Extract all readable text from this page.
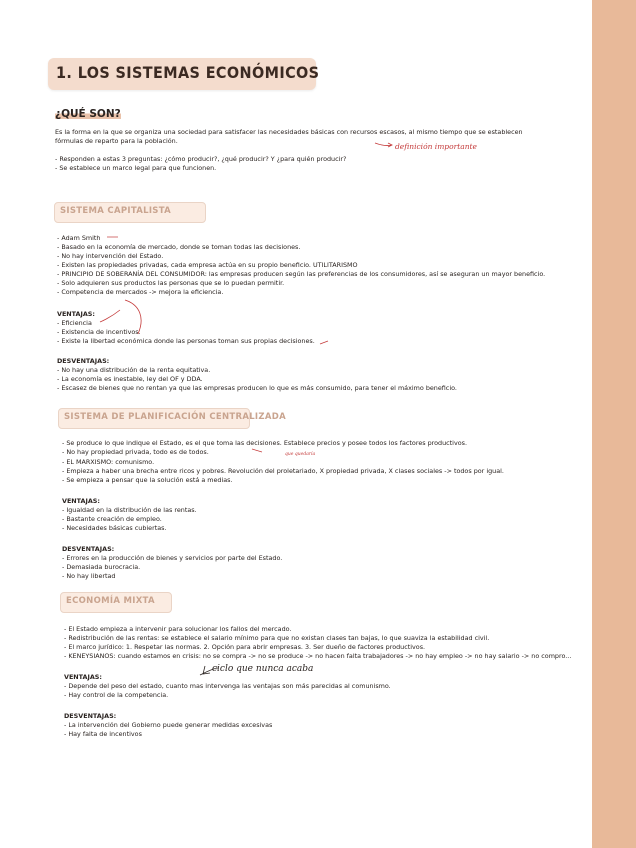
1. LOS SISTEMAS ECONÓMICOS
¿QUÉ SON?
Es la forma en la que se organiza una sociedad para satisfacer las necesidades básicas con recursos escasos, al mismo tiempo que se establecen
fórmulas de reparto para la población.
- Responden a estas 3 preguntas: ¿cómo producir?, ¿qué producir? Y ¿para quién producir?
- Se establece un marco legal para que funcionen.
definición importante
SISTEMA CAPITALISTA
- Adam Smith
- Basado en la economía de mercado, donde se toman todas las decisiones.
- No hay intervención del Estado.
- Existen las propiedades privadas, cada empresa actúa en su propio beneficio. UTILITARISMO
- PRINCIPIO DE SOBERANÍA DEL CONSUMIDOR: las empresas producen según las preferencias de los consumidores, así se aseguran un mayor beneficio.
- Solo adquieren sus productos las personas que se lo puedan permitir.
- Competencia de mercados -> mejora la eficiencia.
VENTAJAS:
- Eficiencia
- Existencia de incentivos.
- Existe la libertad económica donde las personas toman sus propias decisiones.
DESVENTAJAS:
- No hay una distribución de la renta equitativa.
- La economía es inestable, ley del OF y DDA.
- Escasez de bienes que no rentan ya que las empresas producen lo que es más consumido, para tener el máximo beneficio.
SISTEMA DE PLANIFICACIÓN CENTRALIZADA
- Se produce lo que indique el Estado, es el que toma las decisiones. Establece precios y posee todos los factores productivos.
- No hay propiedad privada, todo es de todos.
- EL MARXISMO: comunismo.
- Empieza a haber una brecha entre ricos y pobres. Revolución del proletariado, X propiedad privada, X clases sociales -> todos por igual.
- Se empieza a pensar que la solución está a medias.
que quedaría
VENTAJAS:
- Igualdad en la distribución de las rentas.
- Bastante creación de empleo.
- Necesidades básicas cubiertas.
DESVENTAJAS:
- Errores en la producción de bienes y servicios por parte del Estado.
- Demasiada burocracia.
- No hay libertad
ECONOMÍA MIXTA
- El Estado empieza a intervenir para solucionar los fallos del mercado.
- Redistribución de las rentas: se establece el salario mínimo para que no existan clases tan bajas, lo que suaviza la estabilidad civil.
- El marco jurídico: 1. Respetar las normas. 2. Opción para abrir empresas. 3. Ser dueño de factores productivos.
- KENEYSIANOS: cuando estamos en crisis: no se compra -> no se produce -> no hacen falta trabajadores -> no hay empleo -> no hay salario -> no compro...
ciclo que nunca acaba
VENTAJAS:
- Depende del peso del estado, cuanto mas intervenga las ventajas son más parecidas al comunismo.
- Hay control de la competencia.
DESVENTAJAS:
- La intervención del Gobierno puede generar medidas excesivas
- Hay falta de incentivos
